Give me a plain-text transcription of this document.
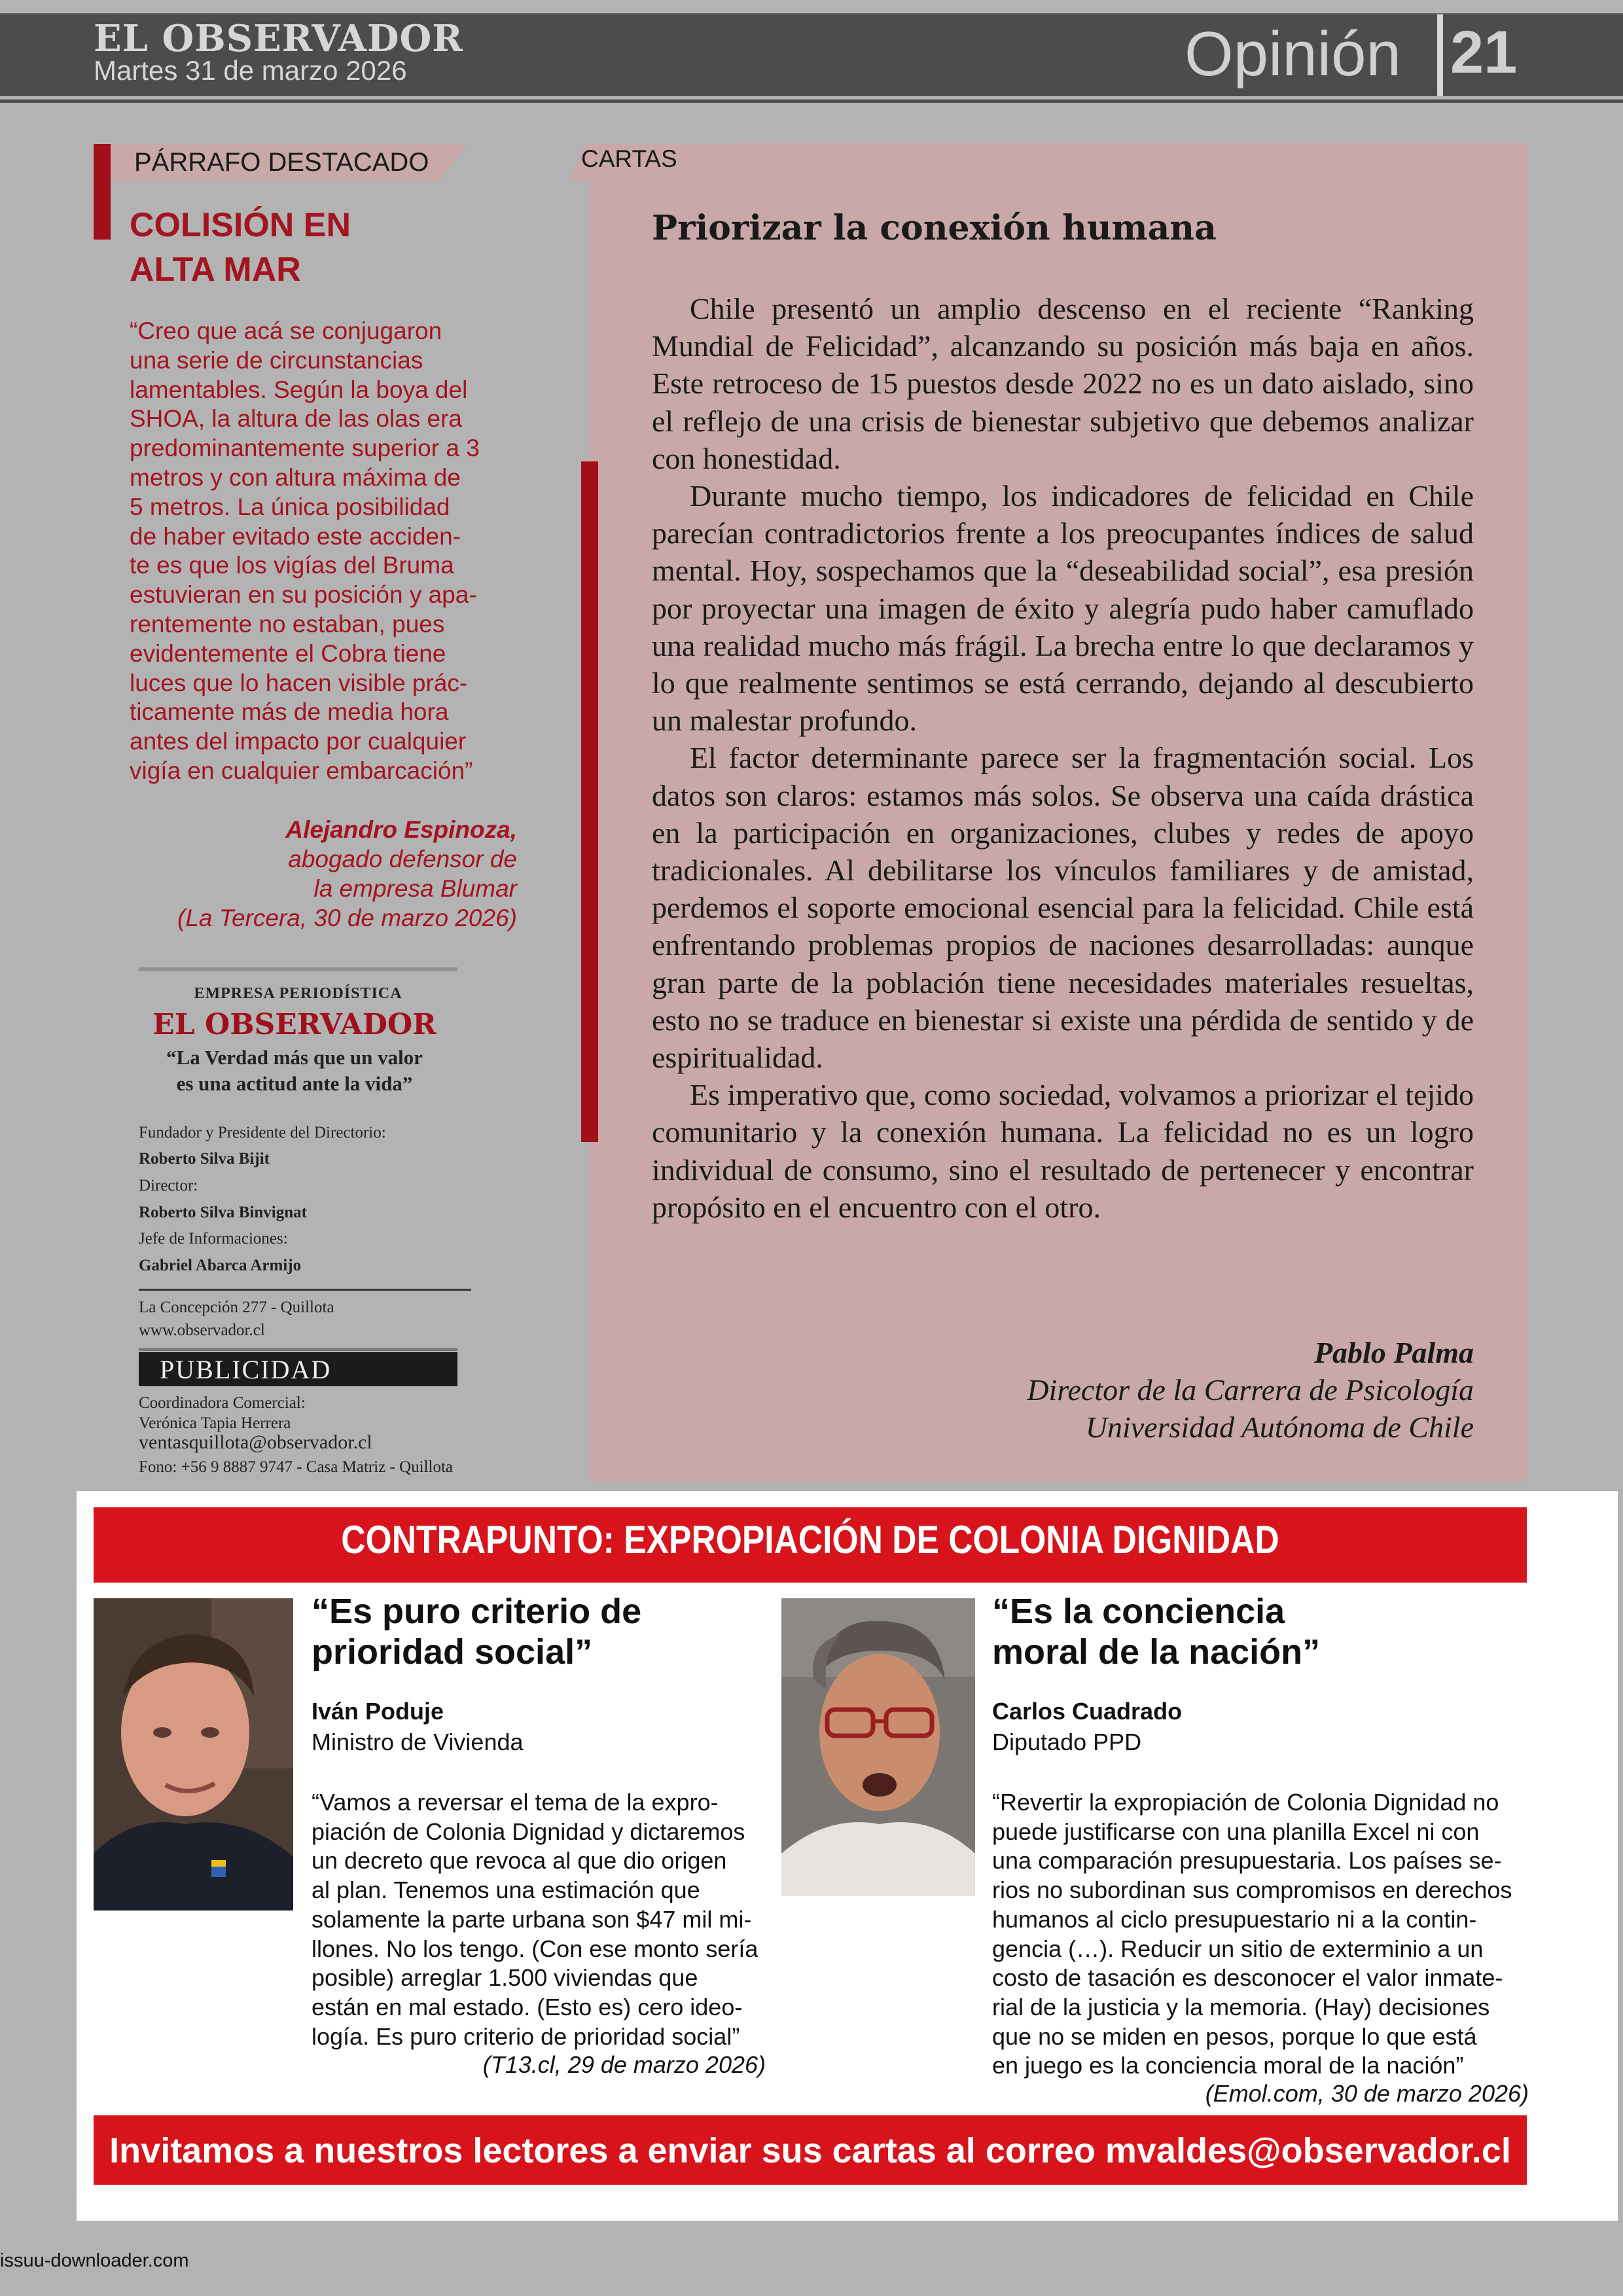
EL OBSERVADOR
Martes 31 de marzo 2026	Opinión 21
PÁRRAFO DESTACADO
COLISIÓN EN
ALTA MAR
“Creo que acá se conjugaron
una serie de circunstancias
lamentables. Según la boya del
SHOA, la altura de las olas era
predominantemente superior a 3
metros y con altura máxima de
5 metros. La única posibilidad
de haber evitado este acciden-
te es que los vigías del Bruma
estuvieran en su posición y apa-
rentemente no estaban, pues
evidentemente el Cobra tiene
luces que lo hacen visible prác-
ticamente más de media hora
antes del impacto por cualquier
vigía en cualquier embarcación”
Alejandro Espinoza,
abogado defensor de
la empresa Blumar
(La Tercera, 30 de marzo 2026)
EMPRESA PERIODÍSTICA
EL OBSERVADOR
“La Verdad más que un valor
es una actitud ante la vida”
Fundador y Presidente del Directorio:
Roberto Silva Bijit
Director:
Roberto Silva Binvignat
Jefe de Informaciones:
Gabriel Abarca Armijo
La Concepción 277 - Quillota
www.observador.cl
PUBLICIDAD
Coordinadora Comercial:
Verónica Tapia Herrera
ventasquillota@observador.cl
Fono: +56 9 8887 9747 - Casa Matriz - Quillota
CARTAS
Priorizar la conexión humana

Chile presentó un amplio descenso en el reciente “Ranking Mundial de Felicidad”, alcanzando su posición más baja en años. Este retroceso de 15 puestos desde 2022 no es un dato aislado, sino el reflejo de una crisis de bienestar subjetivo que debemos analizar con honestidad.

Durante mucho tiempo, los indicadores de felicidad en Chile parecían contradictorios frente a los preocupantes índices de salud mental. Hoy, sospechamos que la “deseabilidad social”, esa presión por proyectar una imagen de éxito y alegría pudo haber camuflado una realidad mucho más frágil. La brecha entre lo que declaramos y lo que realmente sentimos se está cerrando, dejando al descubierto un malestar profundo.

El factor determinante parece ser la fragmentación social. Los datos son claros: estamos más solos. Se observa una caída drástica en la participación en organizaciones, clubes y redes de apoyo tradicionales. Al debilitarse los vínculos familiares y de amistad, perdemos el soporte emocional esencial para la felicidad. Chile está enfrentando problemas propios de naciones desarrolladas: aunque gran parte de la población tiene necesidades materiales resueltas, esto no se traduce en bienestar si existe una pérdida de sentido y de espiritualidad.

Es imperativo que, como sociedad, volvamos a priorizar el tejido comunitario y la conexión humana. La felicidad no es un logro individual de consumo, sino el resultado de pertenecer y encontrar propósito en el encuentro con el otro.

Pablo Palma
Director de la Carrera de Psicología
Universidad Autónoma de Chile
CONTRAPUNTO: EXPROPIACIÓN DE COLONIA DIGNIDAD
“Es puro criterio de
prioridad social”
Iván Poduje
Ministro de Vivienda
“Vamos a reversar el tema de la expro-
piación de Colonia Dignidad y dictaremos
un decreto que revoca al que dio origen
al plan. Tenemos una estimación que
solamente la parte urbana son $47 mil mi-
llones. No los tengo. (Con ese monto sería
posible) arreglar 1.500 viviendas que
están en mal estado. (Esto es) cero ideo-
logía. Es puro criterio de prioridad social”
(T13.cl, 29 de marzo 2026)
“Es la conciencia
moral de la nación”
Carlos Cuadrado
Diputado PPD
“Revertir la expropiación de Colonia Dignidad no
puede justificarse con una planilla Excel ni con
una comparación presupuestaria. Los países se-
rios no subordinan sus compromisos en derechos
humanos al ciclo presupuestario ni a la contin-
gencia (…). Reducir un sitio de exterminio a un
costo de tasación es desconocer el valor inmate-
rial de la justicia y la memoria. (Hay) decisiones
que no se miden en pesos, porque lo que está
en juego es la conciencia moral de la nación”
(Emol.com, 30 de marzo 2026)
Invitamos a nuestros lectores a enviar sus cartas al correo mvaldes@observador.cl
issuu-downloader.com
